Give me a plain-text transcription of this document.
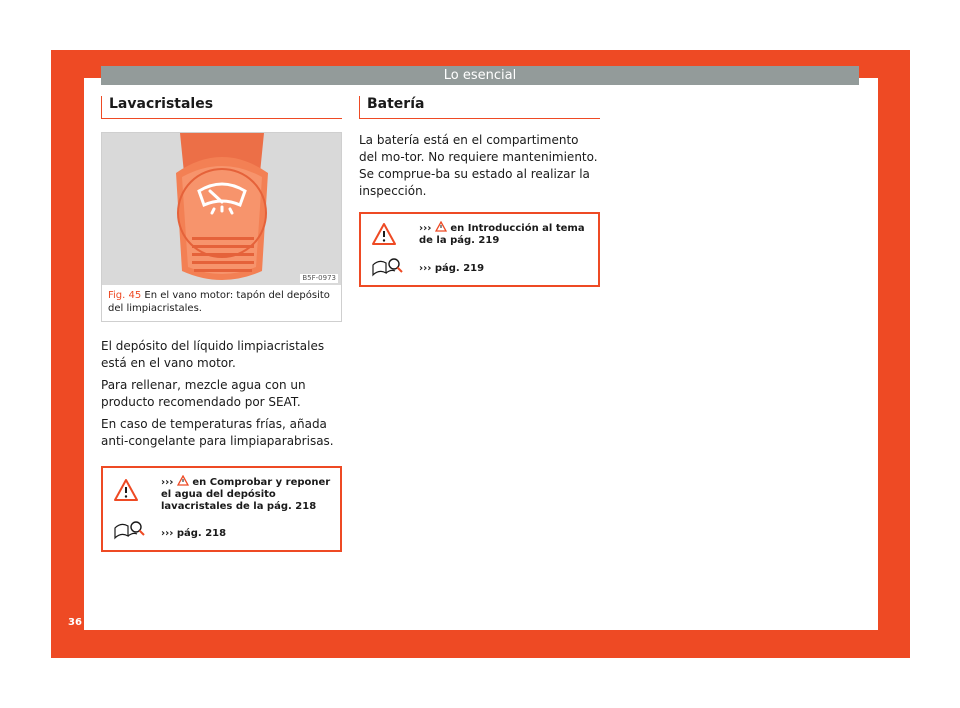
Lo esencial
36
Lavacristales
B5F-0973
Fig. 45 En el vano motor: tapón del depósito del limpiacristales.

El depósito del líquido limpiacristales está en el vano motor.

Para rellenar, mezcle agua con un producto recomendado por SEAT.

En caso de temperaturas frías, añada anti-congelante para limpiaparabrisas.

››› en Comprobar y reponer el agua del depósito lavacristales de la pág. 218
››› pág. 218
Batería

La batería está en el compartimento del mo-tor. No requiere mantenimiento. Se comprue-ba su estado al realizar la inspección.

››› en Introducción al tema de la pág. 219
››› pág. 219
